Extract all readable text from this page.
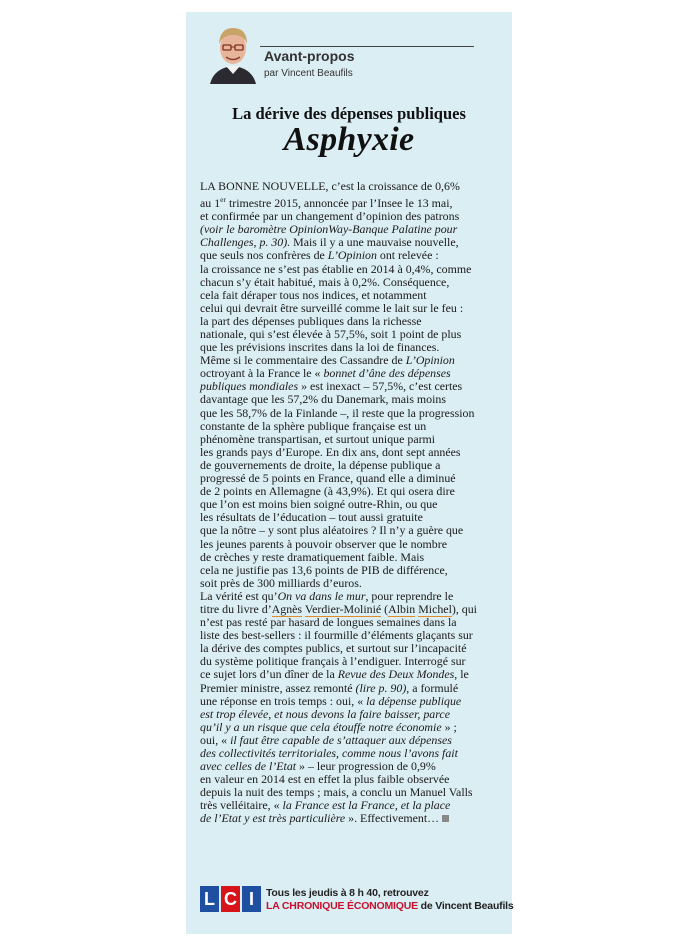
Avant-propos
par Vincent Beaufils
La dérive des dépenses publiques
Asphyxie
LA BONNE NOUVELLE, c’est la croissance de 0,6%
au 1er trimestre 2015, annoncée par l’Insee le 13 mai,
et confirmée par un changement d’opinion des patrons
(voir le baromètre OpinionWay-Banque Palatine pour
Challenges, p. 30). Mais il y a une mauvaise nouvelle,
que seuls nos confrères de L’Opinion ont relevée :
la croissance ne s’est pas établie en 2014 à 0,4%, comme
chacun s’y était habitué, mais à 0,2%. Conséquence,
cela fait déraper tous nos indices, et notamment
celui qui devrait être surveillé comme le lait sur le feu :
la part des dépenses publiques dans la richesse
nationale, qui s’est élevée à 57,5%, soit 1 point de plus
que les prévisions inscrites dans la loi de finances.
Même si le commentaire des Cassandre de L’Opinion
octroyant à la France le « bonnet d’âne des dépenses
publiques mondiales » est inexact – 57,5%, c’est certes
davantage que les 57,2% du Danemark, mais moins
que les 58,7% de la Finlande –, il reste que la progression
constante de la sphère publique française est un
phénomène transpartisan, et surtout unique parmi
les grands pays d’Europe. En dix ans, dont sept années
de gouvernements de droite, la dépense publique a
progressé de 5 points en France, quand elle a diminué
de 2 points en Allemagne (à 43,9%). Et qui osera dire
que l’on est moins bien soigné outre-Rhin, ou que
les résultats de l’éducation – tout aussi gratuite
que la nôtre – y sont plus aléatoires ? Il n’y a guère que
les jeunes parents à pouvoir observer que le nombre
de crèches y reste dramatiquement faible. Mais
cela ne justifie pas 13,6 points de PIB de différence,
soit près de 300 milliards d’euros.
La vérité est qu’On va dans le mur, pour reprendre le
titre du livre d’Agnès Verdier-Molinié (Albin Michel), qui
n’est pas resté par hasard de longues semaines dans la
liste des best-sellers : il fourmille d’éléments glaçants sur
la dérive des comptes publics, et surtout sur l’incapacité
du système politique français à l’endiguer. Interrogé sur
ce sujet lors d’un dîner de la Revue des Deux Mondes, le
Premier ministre, assez remonté (lire p. 90), a formulé
une réponse en trois temps : oui, « la dépense publique
est trop élevée, et nous devons la faire baisser, parce
qu’il y a un risque que cela étouffe notre économie » ;
oui, « il faut être capable de s’attaquer aux dépenses
des collectivités territoriales, comme nous l’avons fait
avec celles de l’Etat » – leur progression de 0,9%
en valeur en 2014 est en effet la plus faible observée
depuis la nuit des temps ; mais, a conclu un Manuel Valls
très velléitaire, « la France est la France, et la place
de l’Etat y est très particulière ». Effectivement…
L C I	Tous les jeudis à 8 h 40, retrouvez
LA CHRONIQUE ÉCONOMIQUE de Vincent Beaufils
